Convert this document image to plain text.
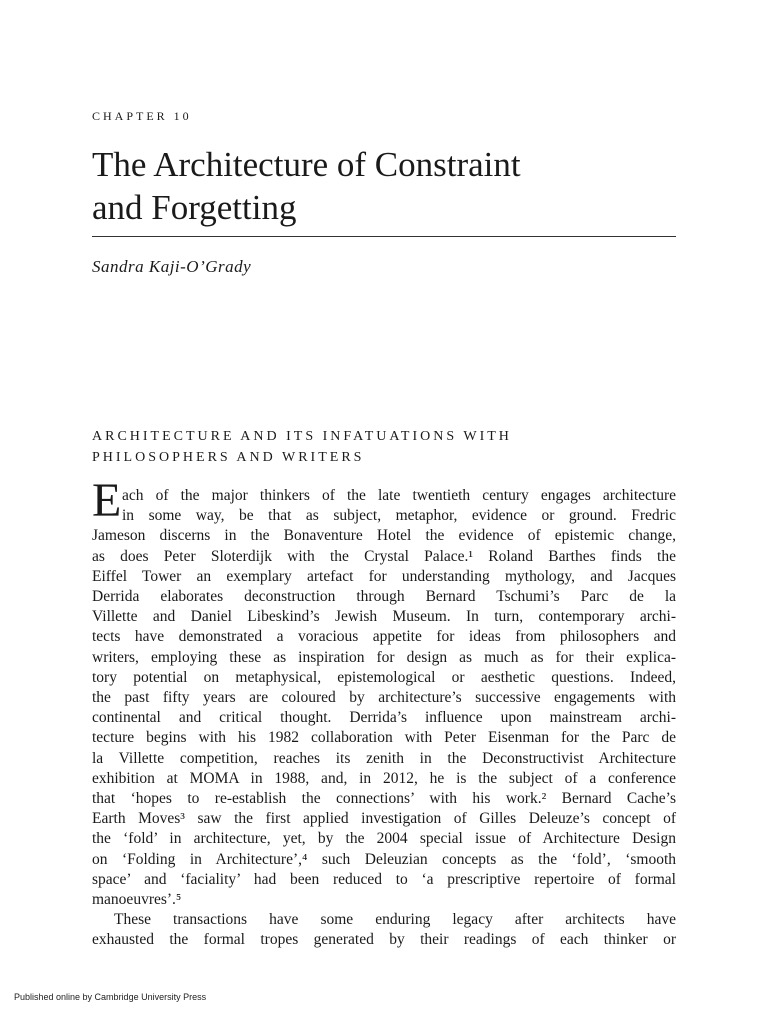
CHAPTER 10
The Architecture of Constraint
and Forgetting
Sandra Kaji-O’Grady
ARCHITECTURE AND ITS INFATUATIONS WITH
PHILOSOPHERS AND WRITERS
E ach of the major thinkers of the late twentieth century engages architecture
in some way, be that as subject, metaphor, evidence or ground. Fredric
Jameson discerns in the Bonaventure Hotel the evidence of epistemic change,
as does Peter Sloterdijk with the Crystal Palace.¹ Roland Barthes finds the
Eiffel Tower an exemplary artefact for understanding mythology, and Jacques
Derrida elaborates deconstruction through Bernard Tschumi’s Parc de la
Villette and Daniel Libeskind’s Jewish Museum. In turn, contemporary archi-
tects have demonstrated a voracious appetite for ideas from philosophers and
writers, employing these as inspiration for design as much as for their explica-
tory potential on metaphysical, epistemological or aesthetic questions. Indeed,
the past fifty years are coloured by architecture’s successive engagements with
continental and critical thought. Derrida’s influence upon mainstream archi-
tecture begins with his 1982 collaboration with Peter Eisenman for the Parc de
la Villette competition, reaches its zenith in the Deconstructivist Architecture
exhibition at MOMA in 1988, and, in 2012, he is the subject of a conference
that ‘hopes to re-establish the connections’ with his work.² Bernard Cache’s
Earth Moves³ saw the first applied investigation of Gilles Deleuze’s concept of
the ‘fold’ in architecture, yet, by the 2004 special issue of Architecture Design
on ‘Folding in Architecture’,⁴ such Deleuzian concepts as the ‘fold’, ‘smooth
space’ and ‘faciality’ had been reduced to ‘a prescriptive repertoire of formal
manoeuvres’.⁵
These transactions have some enduring legacy after architects have
exhausted the formal tropes generated by their readings of each thinker or
Published online by Cambridge University Press
